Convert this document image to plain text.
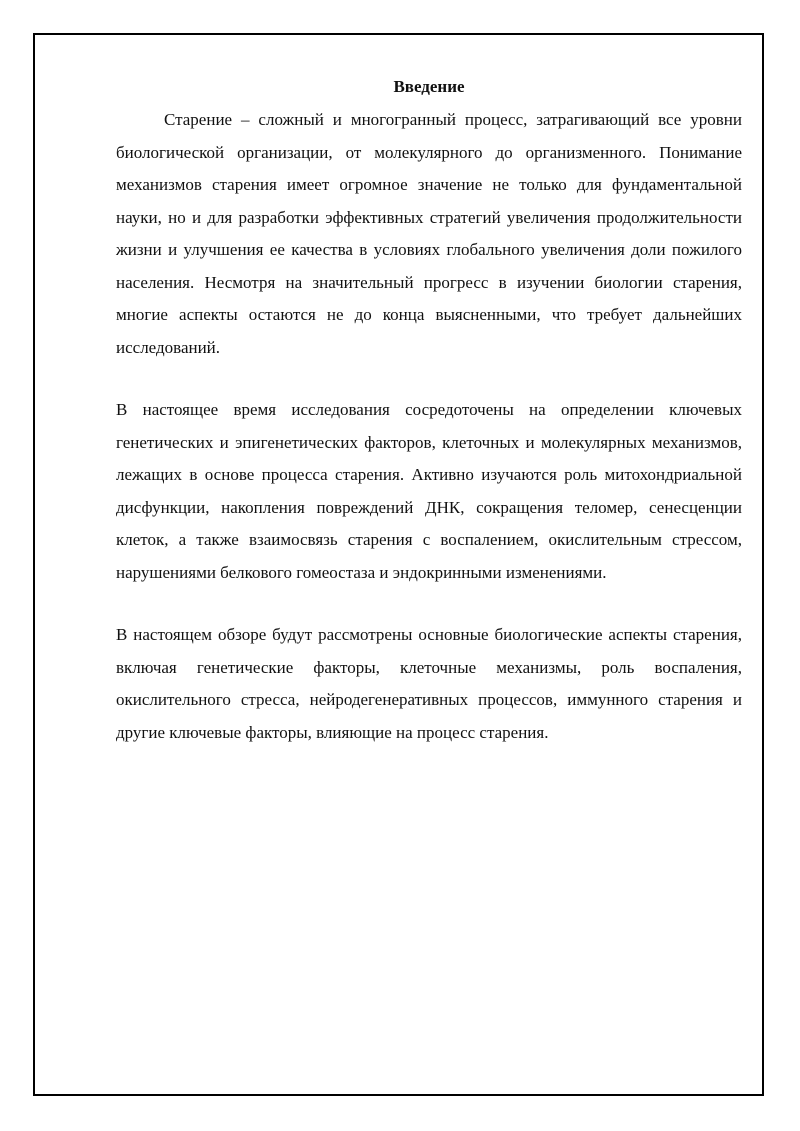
Введение

Старение – сложный и многогранный процесс, затрагивающий все уровни биологической организации, от молекулярного до организменного. Понимание механизмов старения имеет огромное значение не только для фундаментальной науки, но и для разработки эффективных стратегий увеличения продолжительности жизни и улучшения ее качества в условиях глобального увеличения доли пожилого населения. Несмотря на значительный прогресс в изучении биологии старения, многие аспекты остаются не до конца выясненными, что требует дальнейших исследований.

В настоящее время исследования сосредоточены на определении ключевых генетических и эпигенетических факторов, клеточных и молекулярных механизмов, лежащих в основе процесса старения. Активно изучаются роль митохондриальной дисфункции, накопления повреждений ДНК, сокращения теломер, сенесценции клеток, а также взаимосвязь старения с воспалением, окислительным стрессом, нарушениями белкового гомеостаза и эндокринными изменениями.

В настоящем обзоре будут рассмотрены основные биологические аспекты старения, включая генетические факторы, клеточные механизмы, роль воспаления, окислительного стресса, нейродегенеративных процессов, иммунного старения и другие ключевые факторы, влияющие на процесс старения.
